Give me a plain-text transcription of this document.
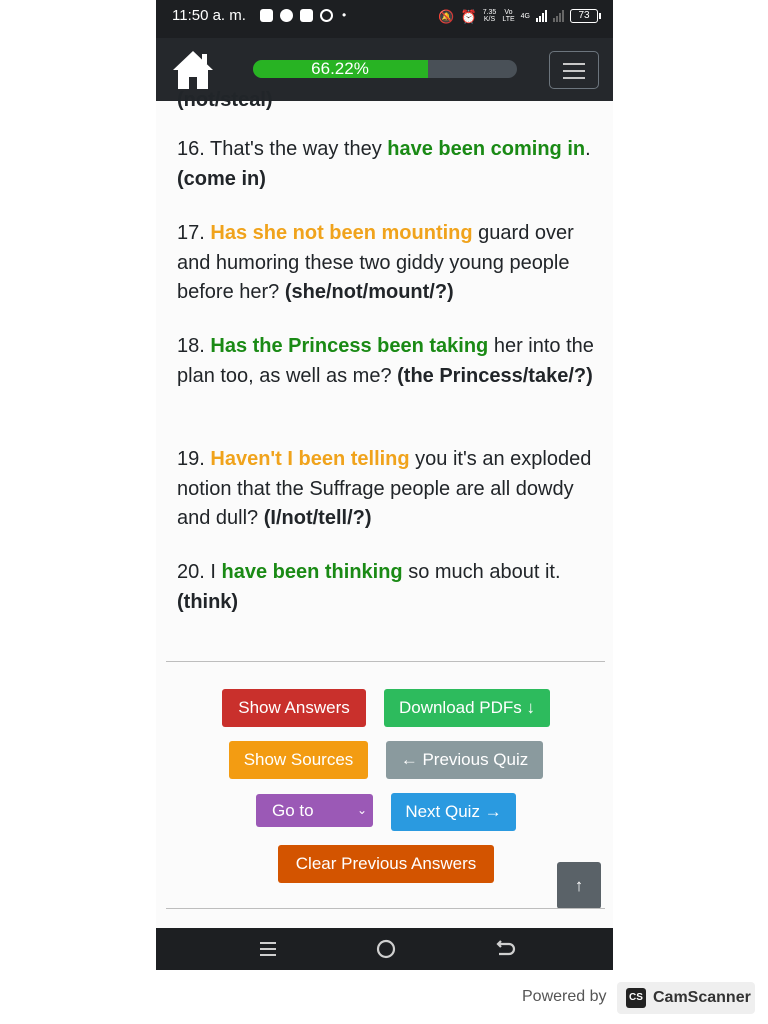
11:50 a. m.	•	🔕 ⏰ 7.35
K/S
Vo
LTE 4G	73
66.22%
(not/steal)
16. That's the way they have been coming in. (come in)
17. Has she not been mounting guard over and humoring these two giddy young people before her? (she/not/mount/?)
18. Has the Princess been taking her into the plan too, as well as me? (the Princess/take/?)
19. Haven't I been telling you it's an exploded notion that the Suffrage people are all dowdy and dull? (I/not/tell/?)
20. I have been thinking so much about it. (think)
Show Answers	Download PDFs ↓
Show Sources	← Previous Quiz
Go to	⌄	Next Quiz →
Clear Previous Answers
↑
Powered by	CS CamScanner
